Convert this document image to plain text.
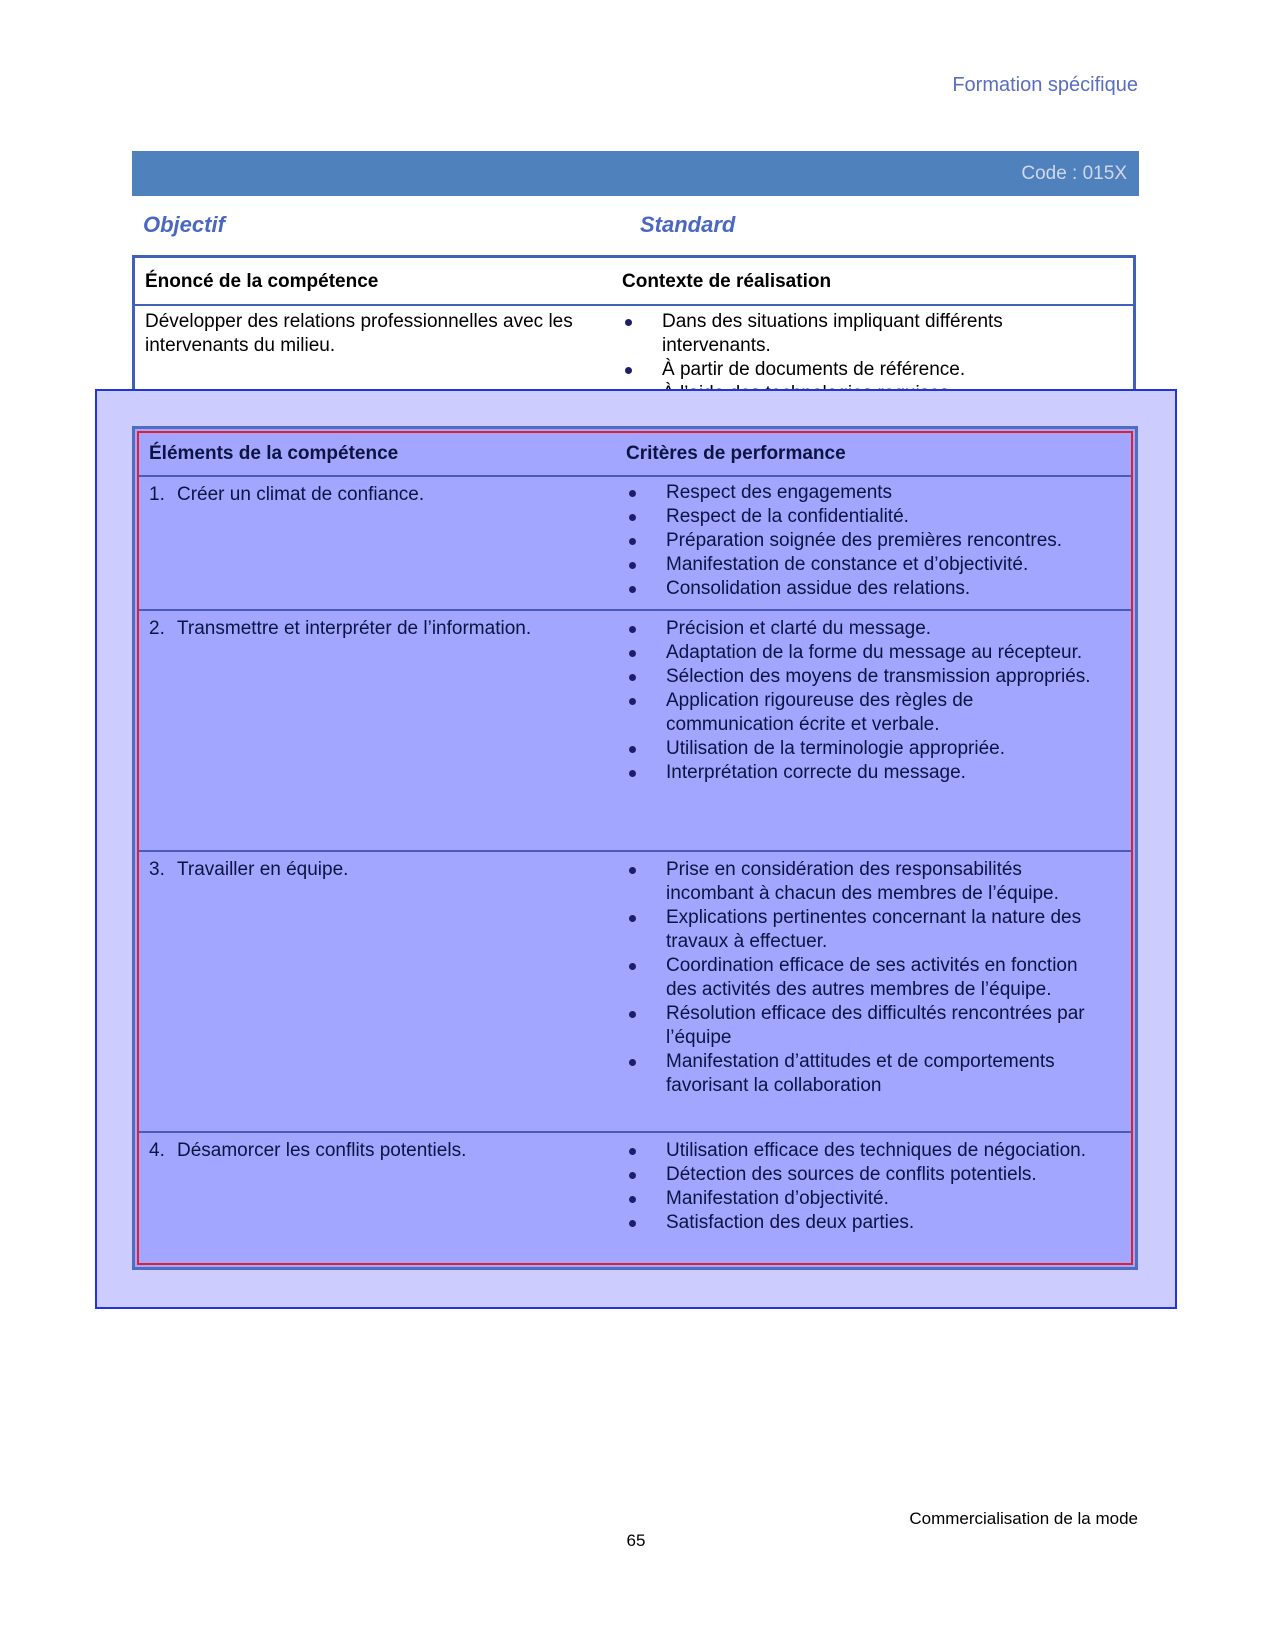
Formation spécifique
Code : 015X
Objectif	Standard
Énoncé de la compétence	Contexte de réalisation
Développer des relations professionnelles avec les intervenants du milieu.
Dans des situations impliquant différents intervenants.
À partir de documents de référence.
Éléments de la compétence	Critères de performance
1. Créer un climat de confiance.	Respect des engagements
Respect de la confidentialité.
Préparation soignée des premières rencontres.
Manifestation de constance et d’objectivité.
Consolidation assidue des relations.
2. Transmettre et interpréter de l’information.	Précision et clarté du message.
Adaptation de la forme du message au récepteur.
Sélection des moyens de transmission appropriés.
Application rigoureuse des règles de communication écrite et verbale.
Utilisation de la terminologie appropriée.
Interprétation correcte du message.
3. Travailler en équipe.	Prise en considération des responsabilités incombant à chacun des membres de l’équipe.
Explications pertinentes concernant la nature des travaux à effectuer.
Coordination efficace de ses activités en fonction des activités des autres membres de l’équipe.
Résolution efficace des difficultés rencontrées par l’équipe
Manifestation d’attitudes et de comportements favorisant la collaboration
4. Désamorcer les conflits potentiels.	Utilisation efficace des techniques de négociation.
Détection des sources de conflits potentiels.
Manifestation d’objectivité.
Satisfaction des deux parties.
Commercialisation de la mode
65
